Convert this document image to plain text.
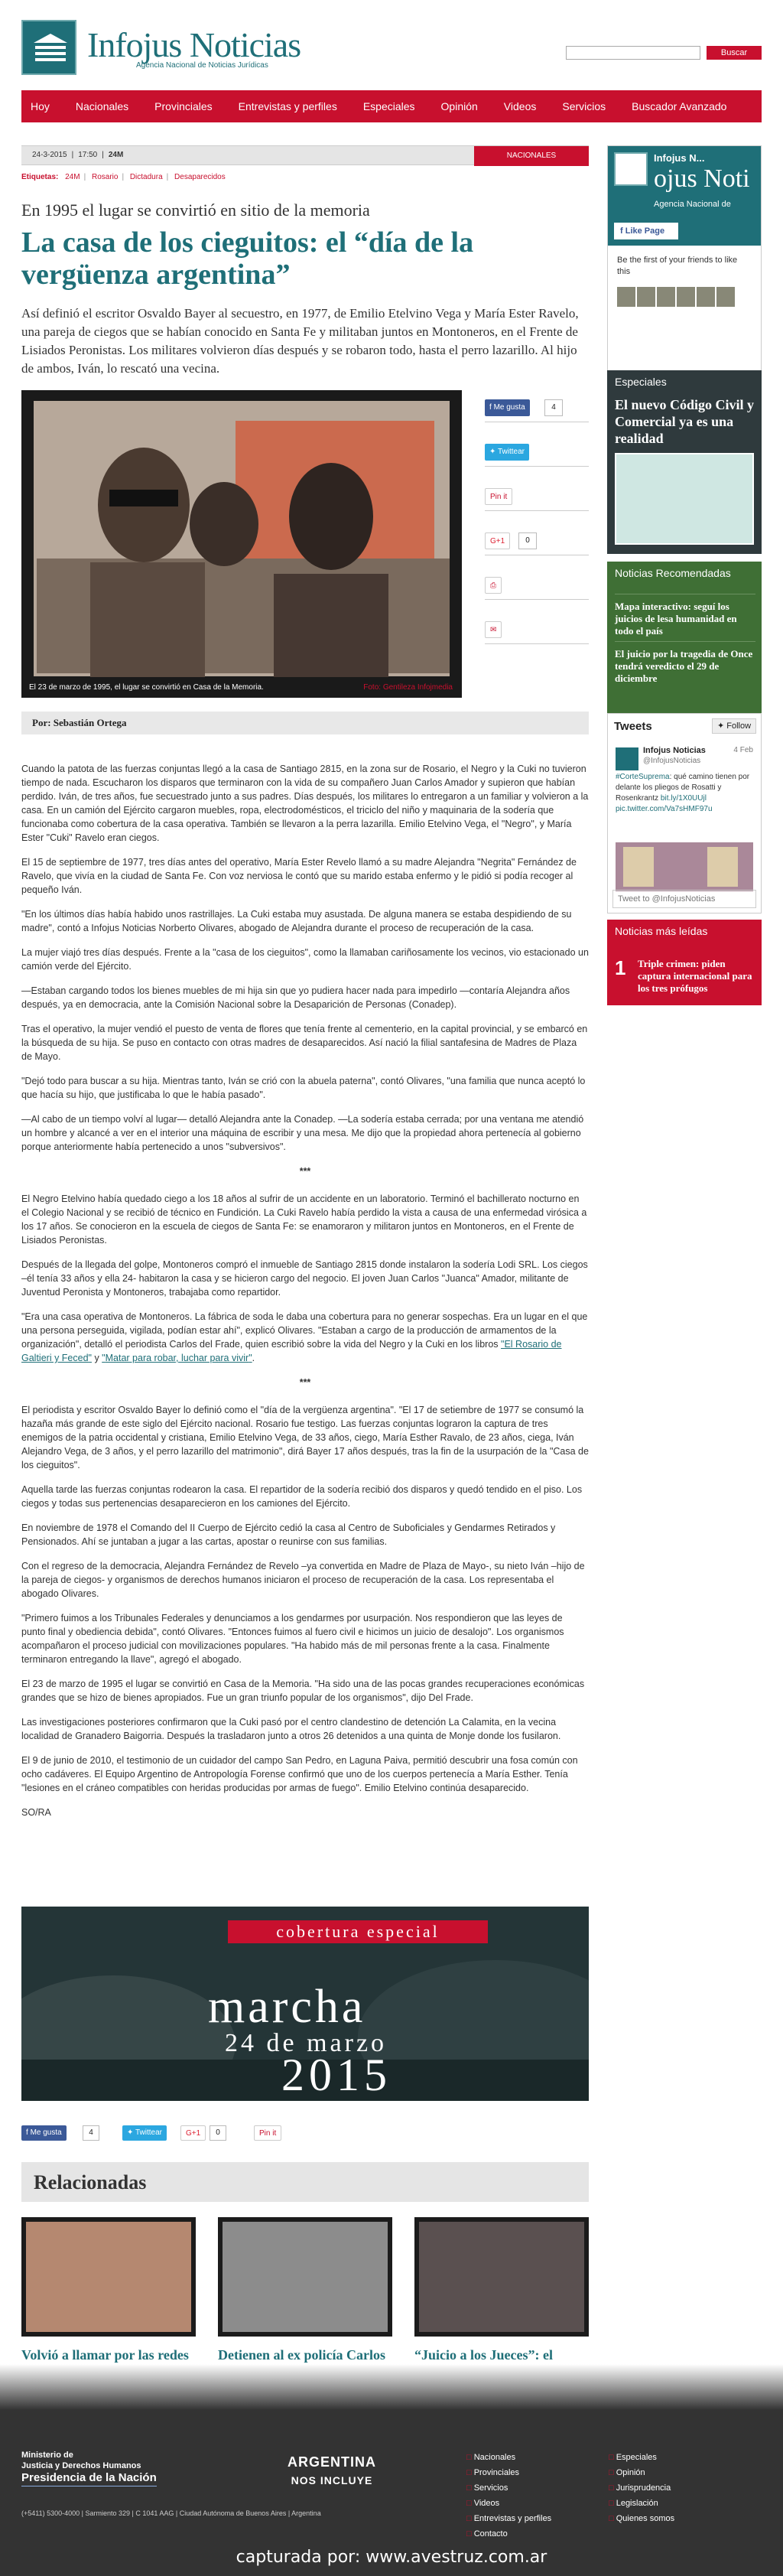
Infojus Noticias
Agencia Nacional de Noticias Jurídicas
Buscar
Hoy Nacionales Provinciales Entrevistas y perfiles Especiales Opinión Videos Servicios Buscador Avanzado
24-3-2015 | 17:50 | 24M	NACIONALES
Etiquetas: 24M | Rosario | Dictadura | Desaparecidos
En 1995 el lugar se convirtió en sitio de la memoria
La casa de los cieguitos: el “día de la vergüenza argentina”
Así definió el escritor Osvaldo Bayer al secuestro, en 1977, de Emilio Etelvino Vega y María Ester Ravelo, una pareja de ciegos que se habían conocido en Santa Fe y militaban juntos en Montoneros, en el Frente de Lisiados Peronistas. Los militares volvieron días después y se robaron todo, hasta el perro lazarillo. Al hijo de ambos, Iván, lo rescató una vecina.
El 23 de marzo de 1995, el lugar se convirtió en Casa de la Memoria.	Foto: Gentileza Infojmedia
f Me gusta	4
✦ Twittear
Pin it
G+1	0
⎙
✉
Por: Sebastián Ortega

Cuando la patota de las fuerzas conjuntas llegó a la casa de Santiago 2815, en la zona sur de Rosario, el Negro y la Cuki no tuvieron tiempo de nada. Escucharon los disparos que terminaron con la vida de su compañero Juan Carlos Amador y supieron que habían perdido. Iván, de tres años, fue secuestrado junto a sus padres. Días después, los militares lo entregaron a un familiar y volvieron a la casa. En un camión del Ejército cargaron muebles, ropa, electrodomésticos, el triciclo del niño y maquinaria de la sodería que funcionaba como cobertura de la casa operativa. También se llevaron a la perra lazarilla. Emilio Etelvino Vega, el "Negro", y María Ester "Cuki" Ravelo eran ciegos.

El 15 de septiembre de 1977, tres días antes del operativo, María Ester Revelo llamó a su madre Alejandra "Negrita" Fernández de Ravelo, que vivía en la ciudad de Santa Fe. Con voz nerviosa le contó que su marido estaba enfermo y le pidió si podía recoger al pequeño Iván.

"En los últimos días había habido unos rastrillajes. La Cuki estaba muy asustada. De alguna manera se estaba despidiendo de su madre", contó a Infojus Noticias Norberto Olivares, abogado de Alejandra durante el proceso de recuperación de la casa.

La mujer viajó tres días después. Frente a la "casa de los cieguitos", como la llamaban cariñosamente los vecinos, vio estacionado un camión verde del Ejército.

—Estaban cargando todos los bienes muebles de mi hija sin que yo pudiera hacer nada para impedirlo —contaría Alejandra años después, ya en democracia, ante la Comisión Nacional sobre la Desaparición de Personas (Conadep).

Tras el operativo, la mujer vendió el puesto de venta de flores que tenía frente al cementerio, en la capital provincial, y se embarcó en la búsqueda de su hija. Se puso en contacto con otras madres de desaparecidos. Así nació la filial santafesina de Madres de Plaza de Mayo.

"Dejó todo para buscar a su hija. Mientras tanto, Iván se crió con la abuela paterna", contó Olivares, "una familia que nunca aceptó lo que hacía su hijo, que justificaba lo que le había pasado".

—Al cabo de un tiempo volví al lugar— detalló Alejandra ante la Conadep. —La sodería estaba cerrada; por una ventana me atendió un hombre y alcancé a ver en el interior una máquina de escribir y una mesa. Me dijo que la propiedad ahora pertenecía al gobierno porque anteriormente había pertenecido a unos "subversivos".

***

El Negro Etelvino había quedado ciego a los 18 años al sufrir de un accidente en un laboratorio. Terminó el bachillerato nocturno en el Colegio Nacional y se recibió de técnico en Fundición. La Cuki Ravelo había perdido la vista a causa de una enfermedad virósica a los 17 años. Se conocieron en la escuela de ciegos de Santa Fe: se enamoraron y militaron juntos en Montoneros, en el Frente de Lisiados Peronistas.

Después de la llegada del golpe, Montoneros compró el inmueble de Santiago 2815 donde instalaron la sodería Lodi SRL. Los ciegos –él tenía 33 años y ella 24- habitaron la casa y se hicieron cargo del negocio. El joven Juan Carlos "Juanca" Amador, militante de Juventud Peronista y Montoneros, trabajaba como repartidor.

"Era una casa operativa de Montoneros. La fábrica de soda le daba una cobertura para no generar sospechas. Era un lugar en el que una persona perseguida, vigilada, podían estar ahí", explicó Olivares. "Estaban a cargo de la producción de armamentos de la organización", detalló el periodista Carlos del Frade, quien escribió sobre la vida del Negro y la Cuki en los libros "El Rosario de Galtieri y Feced" y "Matar para robar, luchar para vivir".

***

El periodista y escritor Osvaldo Bayer lo definió como el "día de la vergüenza argentina". "El 17 de setiembre de 1977 se consumó la hazaña más grande de este siglo del Ejército nacional. Rosario fue testigo. Las fuerzas conjuntas lograron la captura de tres enemigos de la patria occidental y cristiana, Emilio Etelvino Vega, de 33 años, ciego, María Esther Ravalo, de 23 años, ciega, Iván Alejandro Vega, de 3 años, y el perro lazarillo del matrimonio", dirá Bayer 17 años después, tras la fin de la usurpación de la "Casa de los cieguitos".

Aquella tarde las fuerzas conjuntas rodearon la casa. El repartidor de la sodería recibió dos disparos y quedó tendido en el piso. Los ciegos y todas sus pertenencias desaparecieron en los camiones del Ejército.

En noviembre de 1978 el Comando del II Cuerpo de Ejército cedió la casa al Centro de Suboficiales y Gendarmes Retirados y Pensionados. Ahí se juntaban a jugar a las cartas, apostar o reunirse con sus familias.

Con el regreso de la democracia, Alejandra Fernández de Revelo –ya convertida en Madre de Plaza de Mayo-, su nieto Iván –hijo de la pareja de ciegos- y organismos de derechos humanos iniciaron el proceso de recuperación de la casa. Los representaba el abogado Olivares.

"Primero fuimos a los Tribunales Federales y denunciamos a los gendarmes por usurpación. Nos respondieron que las leyes de punto final y obediencia debida", contó Olivares. "Entonces fuimos al fuero civil e hicimos un juicio de desalojo". Los organismos acompañaron el proceso judicial con movilizaciones populares. "Ha habido más de mil personas frente a la casa. Finalmente terminaron entregando la llave", agregó el abogado.

El 23 de marzo de 1995 el lugar se convirtió en Casa de la Memoria. "Ha sido una de las pocas grandes recuperaciones económicas grandes que se hizo de bienes apropiados. Fue un gran triunfo popular de los organismos", dijo Del Frade.

Las investigaciones posteriores confirmaron que la Cuki pasó por el centro clandestino de detención La Calamita, en la vecina localidad de Granadero Baigorria. Después la trasladaron junto a otros 26 detenidos a una quinta de Monje donde los fusilaron.

El 9 de junio de 2010, el testimonio de un cuidador del campo San Pedro, en Laguna Paiva, permitió descubrir una fosa común con ocho cadáveres. El Equipo Argentino de Antropología Forense confirmó que uno de los cuerpos pertenecía a María Esther. Tenía "lesiones en el cráneo compatibles con heridas producidas por armas de fuego". Emilio Etelvino continúa desaparecido.

SO/RA

cobertura especial
marcha
24 de marzo
2015
f Me gusta	4	✦ Twittear	G+1	0	Pin it
Relacionadas
Volvió a llamar por las redes	Detienen al ex policía Carlos	“Juicio a los Jueces”: el
Infojus N...
ojus Noti
Agencia Nacional de
f Like Page
Be the first of your friends to like this
Especiales
El nuevo Código Civil y Comercial ya es una realidad
Noticias Recomendadas
Mapa interactivo: seguí los juicios de lesa humanidad en todo el país
El juicio por la tragedia de Once tendrá veredicto el 29 de diciembre
Tweets	✦ Follow
Infojus Noticias
@InfojusNoticias
4 Feb
#CorteSuprema: qué camino tienen por delante los pliegos de Rosatti y Rosenkrantz bit.ly/1X0UUjl pic.twitter.com/Va7sHMF97u
Tweet to @InfojusNoticias
Noticias más leídas
1 Triple crimen: piden captura internacional para los tres prófugos
Ministerio de
Justicia y Derechos Humanos
Presidencia de la Nación
(+5411) 5300-4000 | Sarmiento 329 | C 1041 AAG | Ciudad Autónoma de Buenos Aires | Argentina
ARGENTINA
NOS INCLUYE
□ Nacionales
□ Provinciales
□ Servicios
□ Videos
□ Entrevistas y perfiles
□ Contacto
□ Especiales
□ Opinión
□ Jurisprudencia
□ Legislación
□ Quienes somos
capturada por: www.avestruz.com.ar
